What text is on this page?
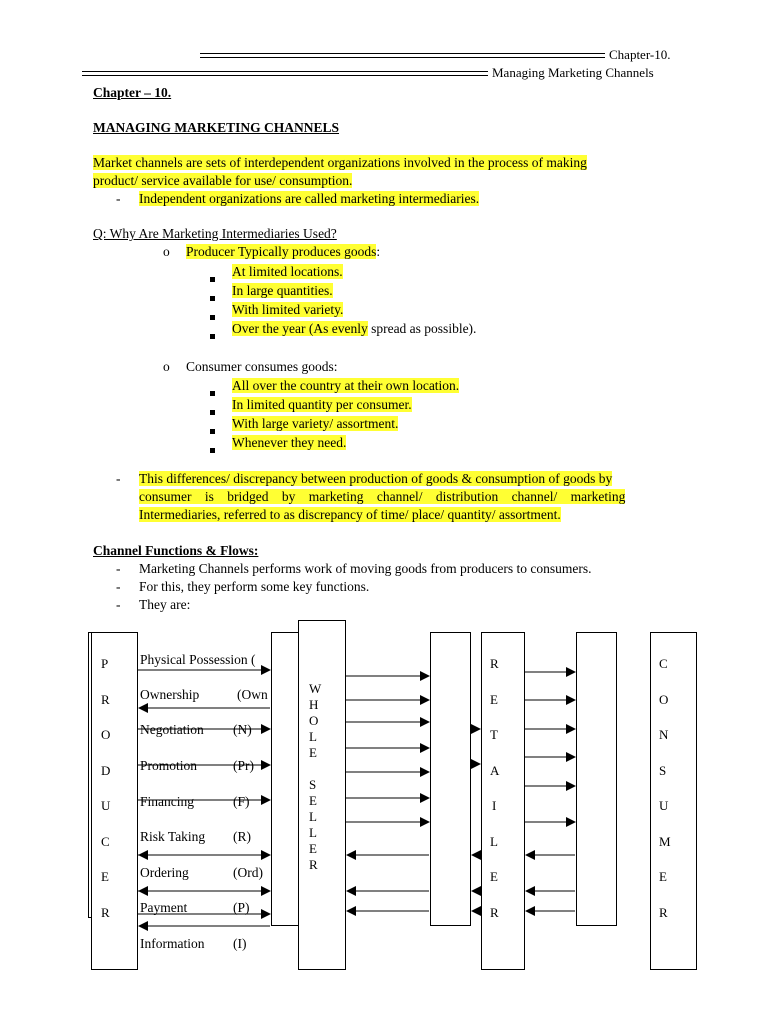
Chapter-10.
Managing Marketing Channels
Chapter – 10.
MANAGING MARKETING CHANNELS
Market channels are sets of interdependent organizations involved in the process of making
product/ service available for use/ consumption.
- Independent organizations are called marketing intermediaries.
Q: Why Are Marketing Intermediaries Used?
o Producer Typically produces goods:
At limited locations.
In large quantities.
With limited variety.
Over the year (As evenly spread as possible).
o Consumer consumes goods:
All over the country at their own location.
In limited quantity per consumer.
With large variety/ assortment.
Whenever they need.
- This differences/ discrepancy between production of goods & consumption of goods by
consumer is bridged by marketing channel/ distribution channel/ marketing
Intermediaries, referred to as discrepancy of time/ place/ quantity/ assortment.
Channel Functions & Flows:
- Marketing Channels performs work of moving goods from producers to consumers.
- For this, they perform some key functions.
- They are:
P
R
O
D
U
C
E
R
W
H
O
L
E
S
E
L
L
E
R
R
E
T
A
I
L
E
R
C
O
N
S
U
M
E
R
Physical Possession (
Ownership	(Own
Negotiation (N)
Promotion	(Pr)
Financing	(F)
Risk Taking (R)
Ordering	(Ord)
Payment	(P)
Information (I)
